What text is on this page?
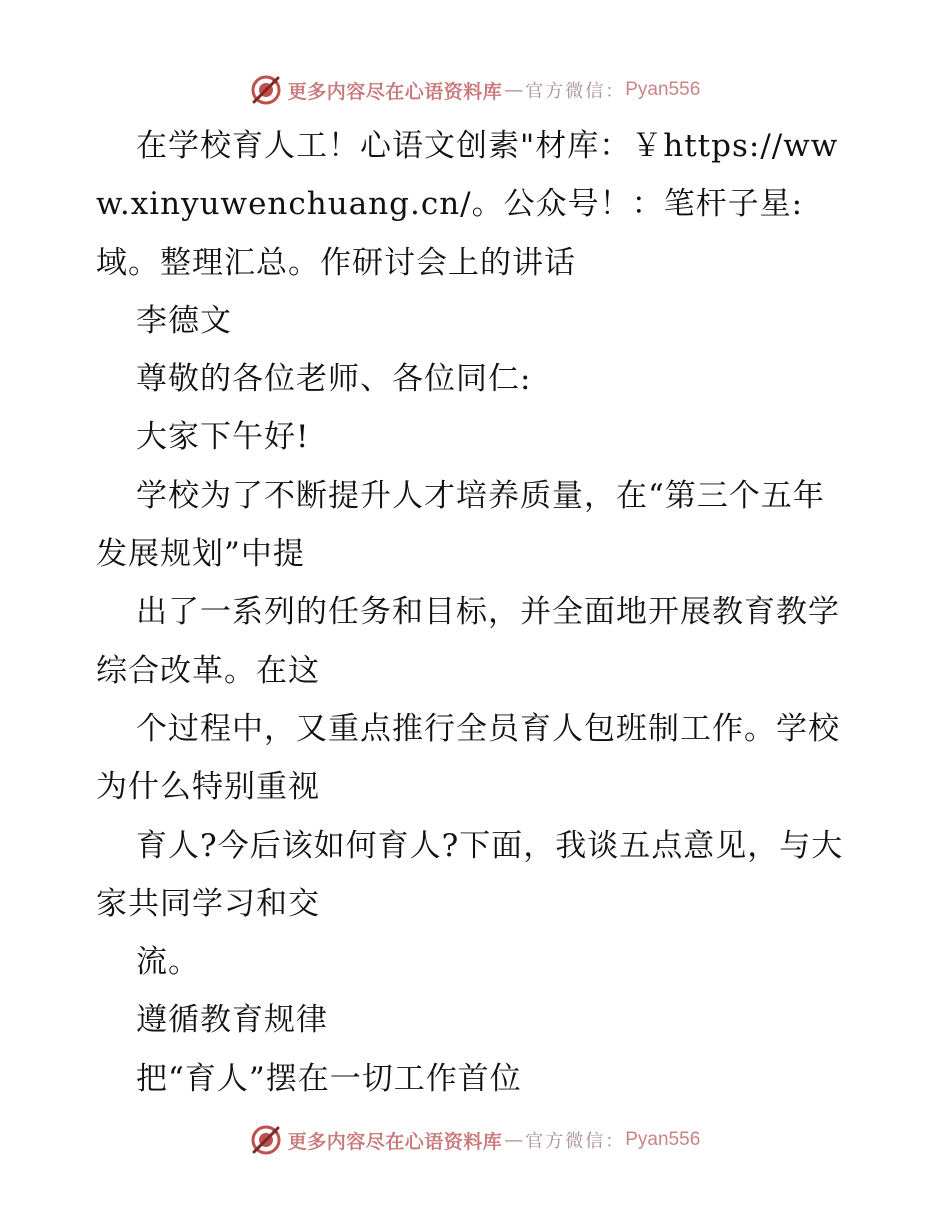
更多内容尽在心语资料库 — 官方微信： Pyan556

在学校育人工！心语文创素"材库：￥https://www.xinyuwenchuang.cn/。公众号！：笔杆子星:域。整理汇总。作研讨会上的讲话

李德文

尊敬的各位老师、各位同仁:

大家下午好!

学校为了不断提升人才培养质量，在“第三个五年发展规划”中提

出了一系列的任务和目标，并全面地开展教育教学综合改革。在这

个过程中，又重点推行全员育人包班制工作。学校为什么特别重视

育人?今后该如何育人?下面，我谈五点意见，与大家共同学习和交

流。

遵循教育规律

把“育人”摆在一切工作首位

更多内容尽在心语资料库 — 官方微信： Pyan556
